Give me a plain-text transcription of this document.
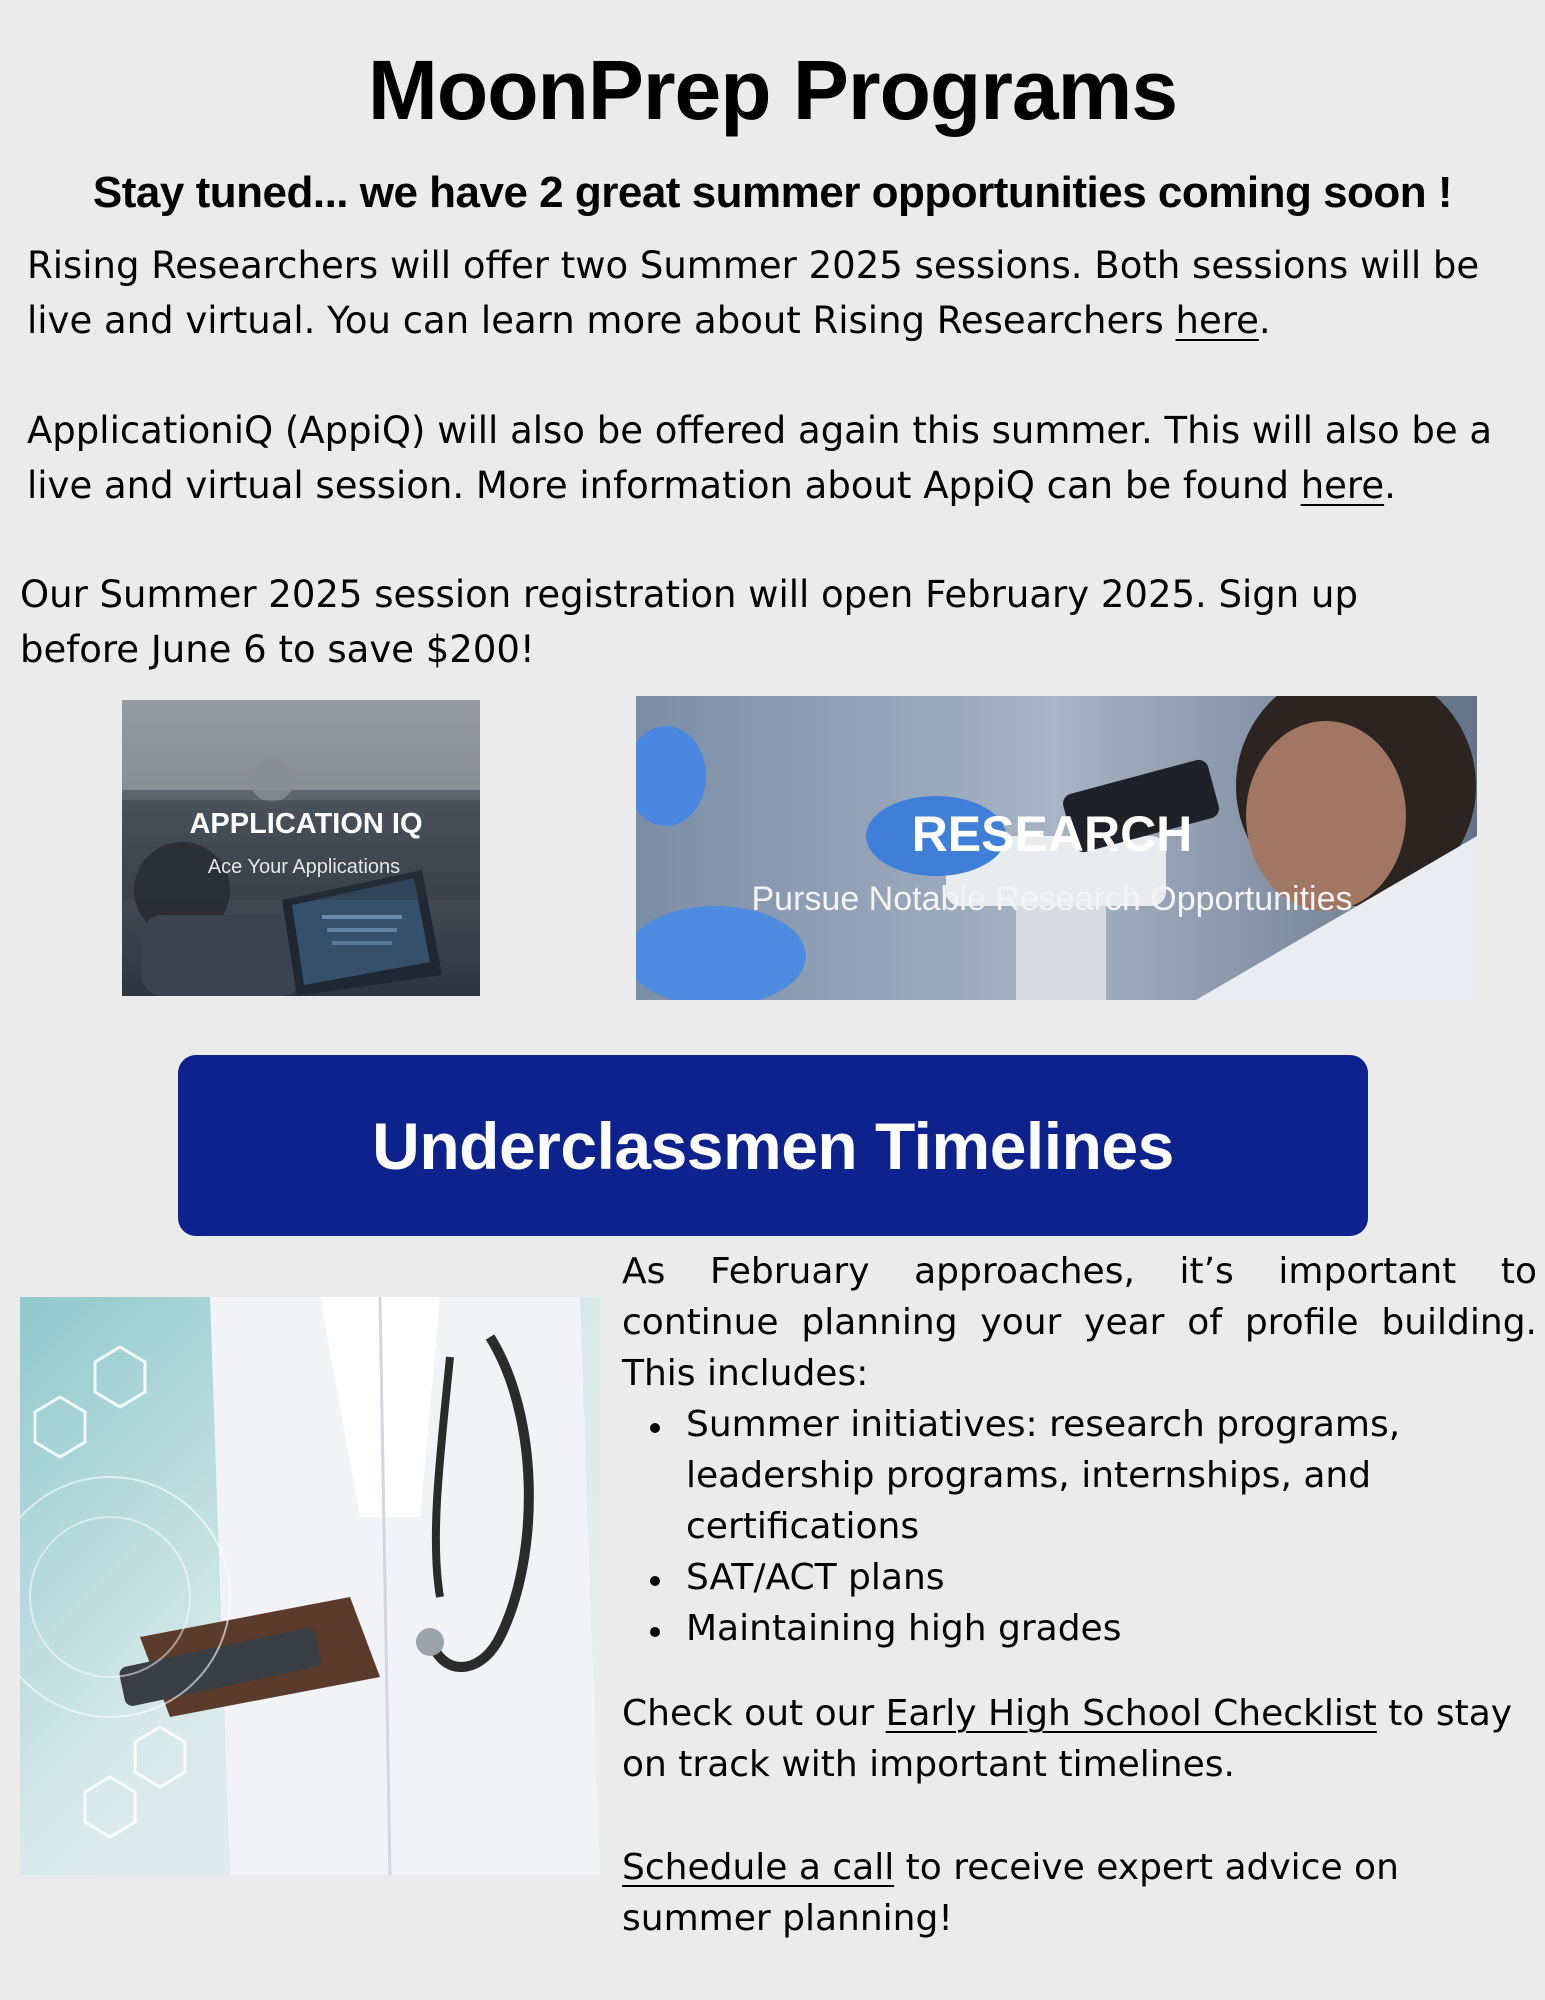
MoonPrep Programs
Stay tuned... we have 2 great summer opportunities coming soon !

Rising Researchers will offer two Summer 2025 sessions. Both sessions will be live and virtual. You can learn more about Rising Researchers here.

ApplicationiQ (AppiQ) will also be offered again this summer. This will also be a live and virtual session. More information about AppiQ can be found here.

Our Summer 2025 session registration will open February 2025. Sign up before June 6 to save $200!

APPLICATION IQ
Ace Your Applications
RESEARCH
Pursue Notable Research Opportunities
Underclassmen Timelines

As February approaches, it’s important to continue planning your year of profile building. This includes:

Summer initiatives: research programs, leadership programs, internships, and certifications
SAT/ACT plans
Maintaining high grades

Check out our Early High School Checklist to stay on track with important timelines.

Schedule a call to receive expert advice on summer planning!
